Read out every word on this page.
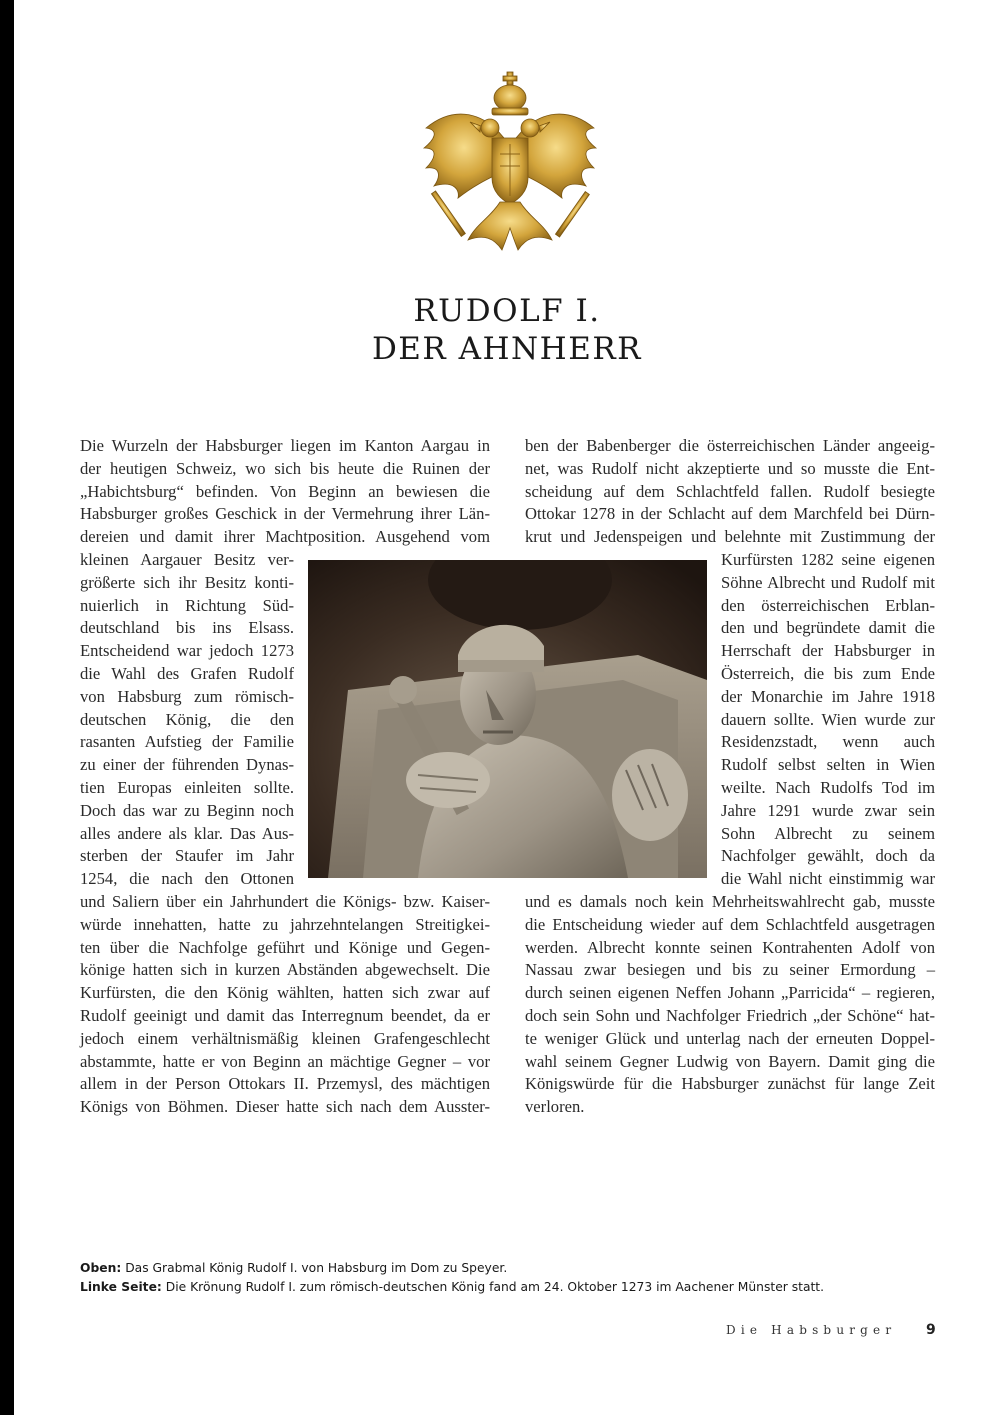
RUDOLF I.
DER AHNHERR
Die Wurzeln der Habsburger liegen im Kanton Aargau in
der heutigen Schweiz, wo sich bis heute die Ruinen der
„Habichtsburg“ befinden. Von Beginn an bewiesen die
Habsburger großes Geschick in der Vermehrung ihrer Län-
dereien und damit ihrer Machtposition. Ausgehend vom
kleinen Aargauer Besitz ver-
größerte sich ihr Besitz konti-
nuierlich in Richtung Süd-
deutschland bis ins Elsass.
Entscheidend war jedoch 1273
die Wahl des Grafen Rudolf
von Habsburg zum römisch-
deutschen König, die den
rasanten Aufstieg der Familie
zu einer der führenden Dynas-
tien Europas einleiten sollte.
Doch das war zu Beginn noch
alles andere als klar. Das Aus-
sterben der Staufer im Jahr
1254, die nach den Ottonen
und Saliern über ein Jahrhundert die Königs- bzw. Kaiser-
würde innehatten, hatte zu jahrzehntelangen Streitigkei-
ten über die Nachfolge geführt und Könige und Gegen-
könige hatten sich in kurzen Abständen abgewechselt. Die
Kurfürsten, die den König wählten, hatten sich zwar auf
Rudolf geeinigt und damit das Interregnum beendet, da er
jedoch einem verhältnismäßig kleinen Grafengeschlecht
abstammte, hatte er von Beginn an mächtige Gegner – vor
allem in der Person Ottokars II. Przemysl, des mächtigen
Königs von Böhmen. Dieser hatte sich nach dem Ausster-
ben der Babenberger die österreichischen Länder angeeig-
net, was Rudolf nicht akzeptierte und so musste die Ent-
scheidung auf dem Schlachtfeld fallen. Rudolf besiegte
Ottokar 1278 in der Schlacht auf dem Marchfeld bei Dürn-
krut und Jedenspeigen und belehnte mit Zustimmung der
Kurfürsten 1282 seine eigenen
Söhne Albrecht und Rudolf mit
den österreichischen Erblan-
den und begründete damit die
Herrschaft der Habsburger in
Österreich, die bis zum Ende
der Monarchie im Jahre 1918
dauern sollte. Wien wurde zur
Residenzstadt, wenn auch
Rudolf selbst selten in Wien
weilte. Nach Rudolfs Tod im
Jahre 1291 wurde zwar sein
Sohn Albrecht zu seinem
Nachfolger gewählt, doch da
die Wahl nicht einstimmig war
und es damals noch kein Mehrheitswahlrecht gab, musste
die Entscheidung wieder auf dem Schlachtfeld ausgetragen
werden. Albrecht konnte seinen Kontrahenten Adolf von
Nassau zwar besiegen und bis zu seiner Ermordung –
durch seinen eigenen Neffen Johann „Parricida“ – regieren,
doch sein Sohn und Nachfolger Friedrich „der Schöne“ hat-
te weniger Glück und unterlag nach der erneuten Doppel-
wahl seinem Gegner Ludwig von Bayern. Damit ging die
Königswürde für die Habsburger zunächst für lange Zeit
verloren.
Oben: Das Grabmal König Rudolf I. von Habsburg im Dom zu Speyer.
Linke Seite: Die Krönung Rudolf I. zum römisch-deutschen König fand am 24. Oktober 1273 im Aachener Münster statt.
Die Habsburger 9
